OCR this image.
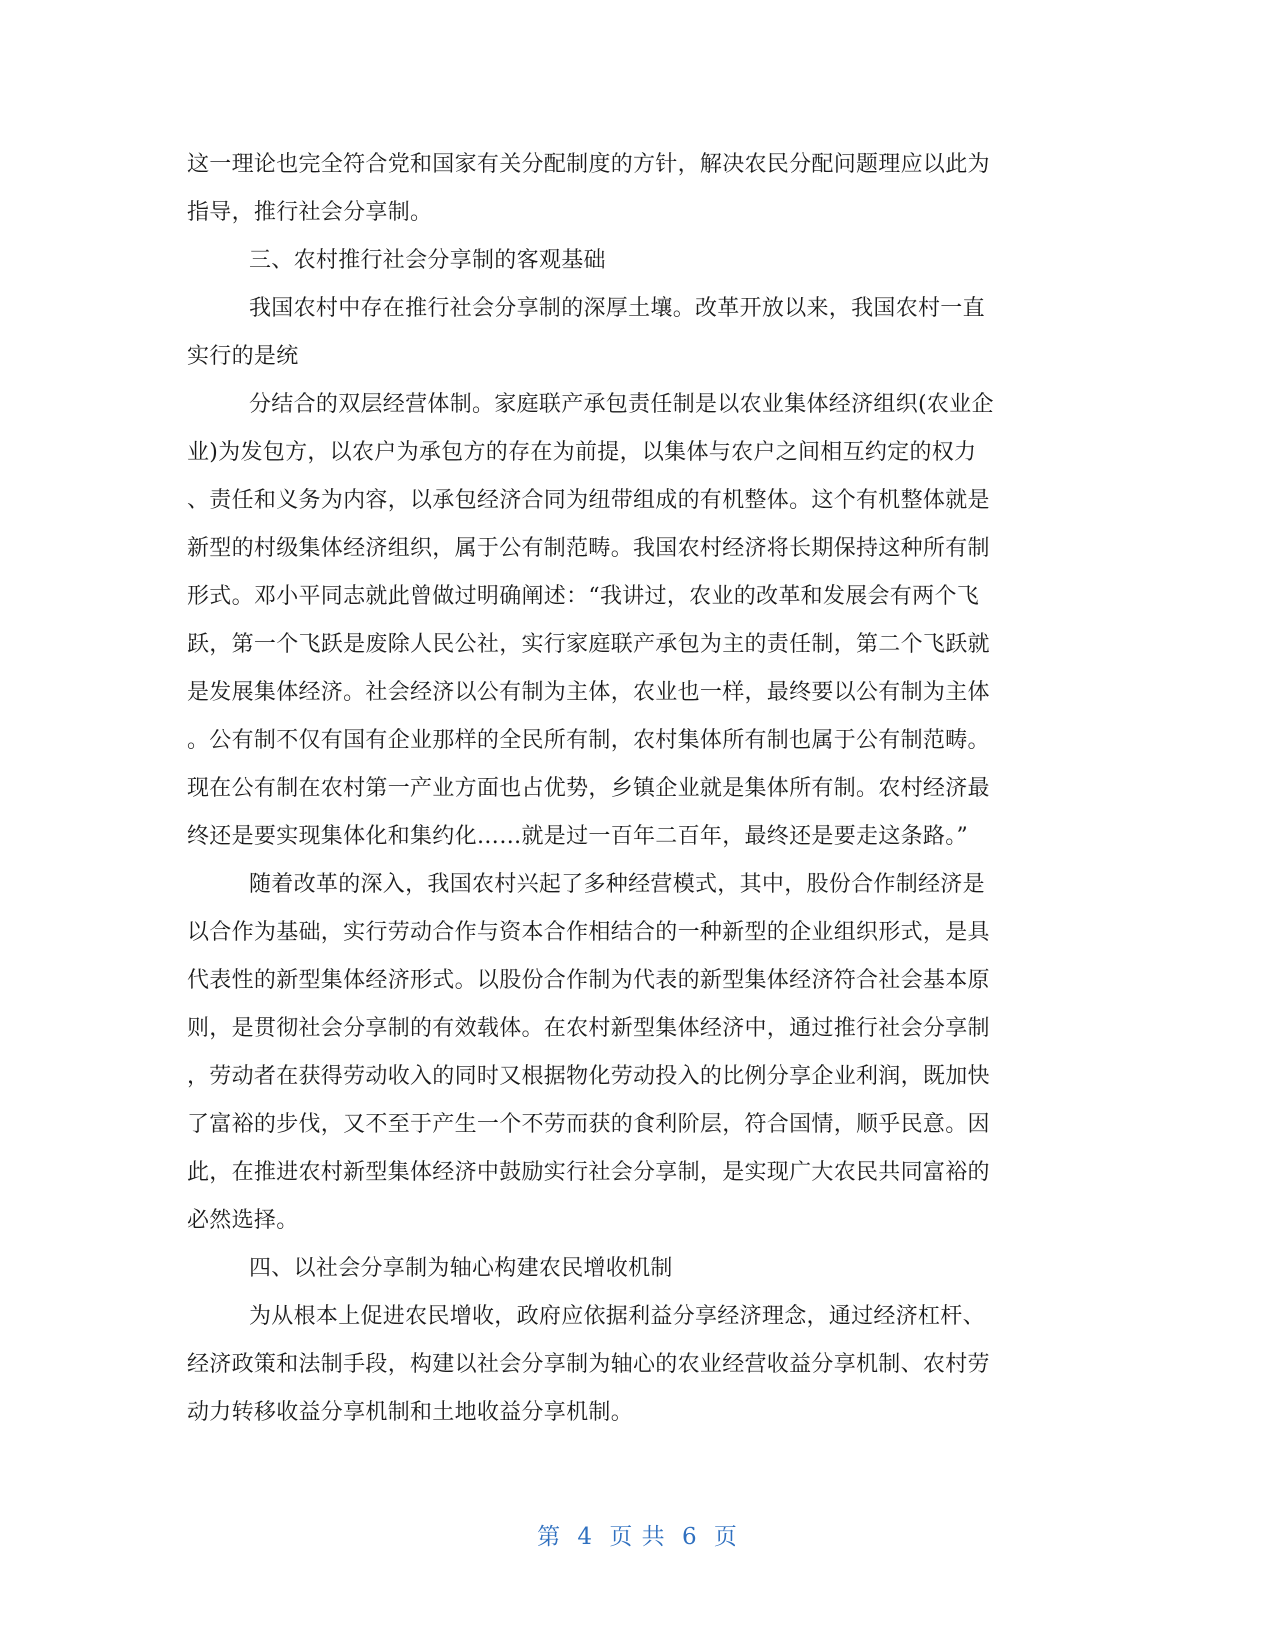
这一理论也完全符合党和国家有关分配制度的方针，解决农民分配问题理应以此为
指导，推行社会分享制。
三、农村推行社会分享制的客观基础
我国农村中存在推行社会分享制的深厚土壤。改革开放以来，我国农村一直
实行的是统
分结合的双层经营体制。家庭联产承包责任制是以农业集体经济组织(农业企
业)为发包方，以农户为承包方的存在为前提，以集体与农户之间相互约定的权力
、责任和义务为内容，以承包经济合同为纽带组成的有机整体。这个有机整体就是
新型的村级集体经济组织，属于公有制范畴。我国农村经济将长期保持这种所有制
形式。邓小平同志就此曾做过明确阐述：“我讲过，农业的改革和发展会有两个飞
跃，第一个飞跃是废除人民公社，实行家庭联产承包为主的责任制，第二个飞跃就
是发展集体经济。社会经济以公有制为主体，农业也一样，最终要以公有制为主体
。公有制不仅有国有企业那样的全民所有制，农村集体所有制也属于公有制范畴。
现在公有制在农村第一产业方面也占优势，乡镇企业就是集体所有制。农村经济最
终还是要实现集体化和集约化……就是过一百年二百年，最终还是要走这条路。”
随着改革的深入，我国农村兴起了多种经营模式，其中，股份合作制经济是
以合作为基础，实行劳动合作与资本合作相结合的一种新型的企业组织形式，是具
代表性的新型集体经济形式。以股份合作制为代表的新型集体经济符合社会基本原
则，是贯彻社会分享制的有效载体。在农村新型集体经济中，通过推行社会分享制
，劳动者在获得劳动收入的同时又根据物化劳动投入的比例分享企业利润，既加快
了富裕的步伐，又不至于产生一个不劳而获的食利阶层，符合国情，顺乎民意。因
此，在推进农村新型集体经济中鼓励实行社会分享制，是实现广大农民共同富裕的
必然选择。
四、以社会分享制为轴心构建农民增收机制
为从根本上促进农民增收，政府应依据利益分享经济理念，通过经济杠杆、
经济政策和法制手段，构建以社会分享制为轴心的农业经营收益分享机制、农村劳
动力转移收益分享机制和土地收益分享机制。
第 4 页 共 6 页
